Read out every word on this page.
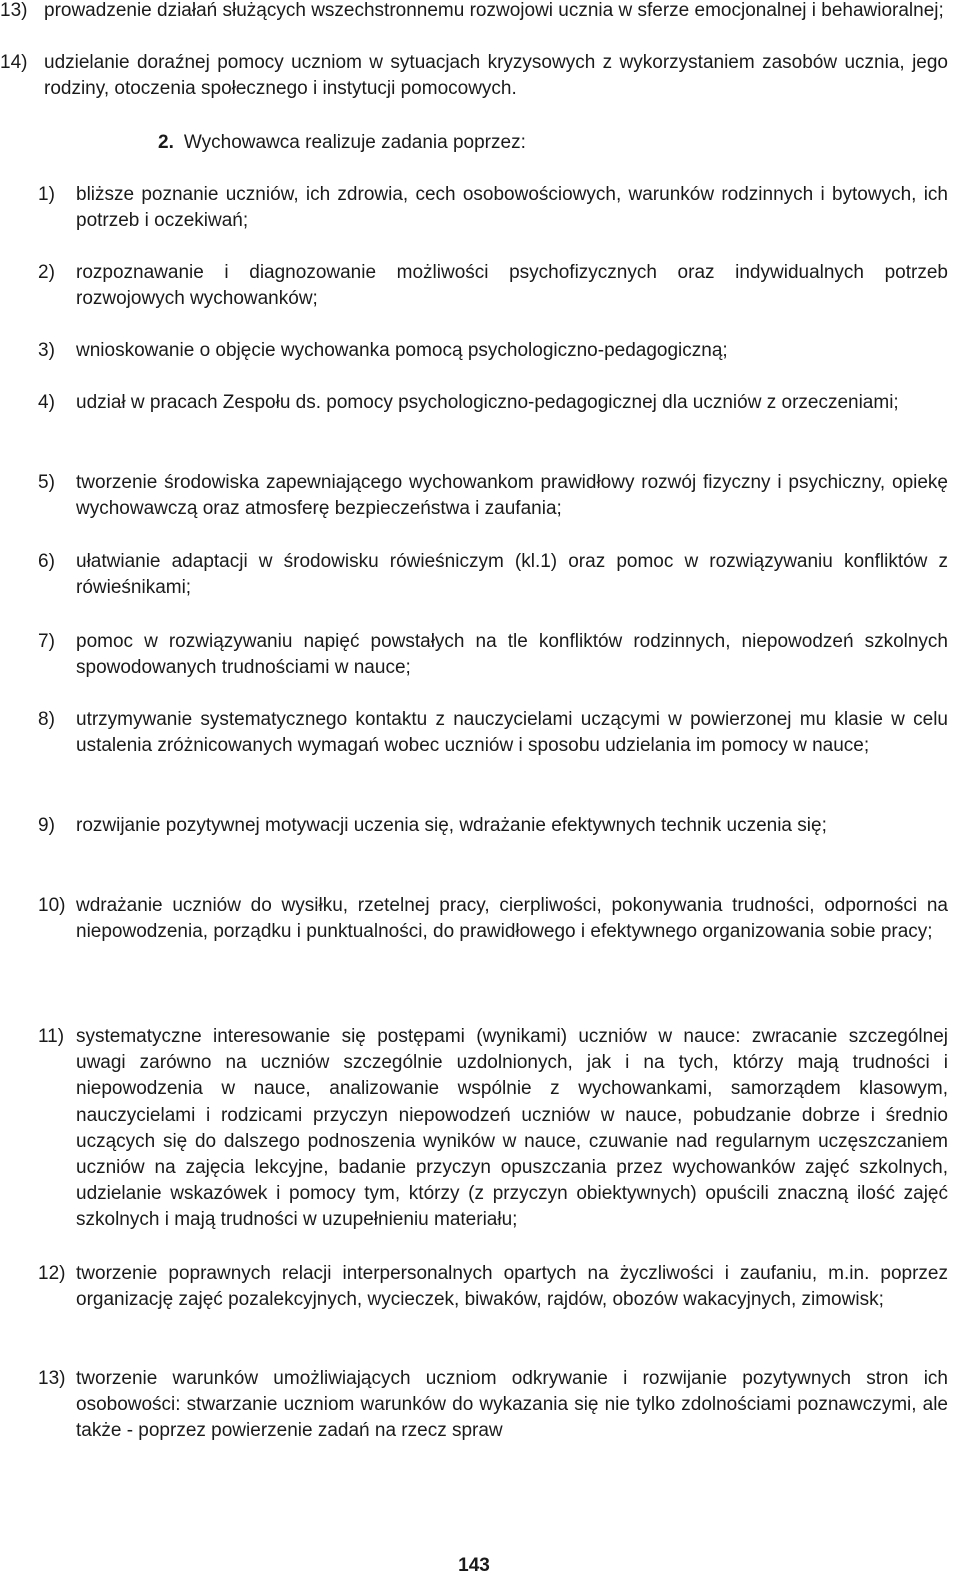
13) prowadzenie działań służących wszechstronnemu rozwojowi ucznia w sferze emocjonalnej i behawioralnej;
14) udzielanie doraźnej pomocy uczniom w sytuacjach kryzysowych z wykorzystaniem zasobów ucznia, jego rodziny, otoczenia społecznego i instytucji pomocowych.
2. Wychowawca realizuje zadania poprzez:
1)	bliższe poznanie uczniów, ich zdrowia, cech osobowościowych, warunków rodzinnych i bytowych, ich potrzeb i oczekiwań;
2)	rozpoznawanie i diagnozowanie możliwości psychofizycznych oraz indywidualnych potrzeb rozwojowych wychowanków;
3)	wnioskowanie o objęcie wychowanka pomocą psychologiczno-pedagogiczną;
4)	udział w pracach Zespołu ds. pomocy psychologiczno-pedagogicznej dla uczniów z orzeczeniami;
5)	tworzenie środowiska zapewniającego wychowankom prawidłowy rozwój fizyczny i psychiczny, opiekę wychowawczą oraz atmosferę bezpieczeństwa i zaufania;
6)	ułatwianie adaptacji w środowisku rówieśniczym (kl.1) oraz pomoc w rozwiązywaniu konfliktów z rówieśnikami;
7)	pomoc w rozwiązywaniu napięć powstałych na tle konfliktów rodzinnych, niepowodzeń szkolnych spowodowanych trudnościami w nauce;
8)	utrzymywanie systematycznego kontaktu z nauczycielami uczącymi w powierzonej mu klasie w celu ustalenia zróżnicowanych wymagań wobec uczniów i sposobu udzielania im pomocy w nauce;
9)	rozwijanie pozytywnej motywacji uczenia się, wdrażanie efektywnych technik uczenia się;
10) wdrażanie uczniów do wysiłku, rzetelnej pracy, cierpliwości, pokonywania trudności, odporności na niepowodzenia, porządku i punktualności, do prawidłowego i efektywnego organizowania sobie pracy;
11) systematyczne interesowanie się postępami (wynikami) uczniów w nauce: zwracanie szczególnej uwagi zarówno na uczniów szczególnie uzdolnionych, jak i na tych, którzy mają trudności i niepowodzenia w nauce, analizowanie wspólnie z wychowankami, samorządem klasowym, nauczycielami i rodzicami przyczyn niepowodzeń uczniów w nauce, pobudzanie dobrze i średnio uczących się do dalszego podnoszenia wyników w nauce, czuwanie nad regularnym uczęszczaniem uczniów na zajęcia lekcyjne, badanie przyczyn opuszczania przez wychowanków zajęć szkolnych, udzielanie wskazówek i pomocy tym, którzy (z przyczyn obiektywnych) opuścili znaczną ilość zajęć szkolnych i mają trudności w uzupełnieniu materiału;
12) tworzenie poprawnych relacji interpersonalnych opartych na życzliwości i zaufaniu, m.in. poprzez organizację zajęć pozalekcyjnych, wycieczek, biwaków, rajdów, obozów wakacyjnych, zimowisk;
13) tworzenie warunków umożliwiających uczniom odkrywanie i rozwijanie pozytywnych stron ich osobowości: stwarzanie uczniom warunków do wykazania się nie tylko zdolnościami poznawczymi, ale także - poprzez powierzenie zadań na rzecz spraw
143
